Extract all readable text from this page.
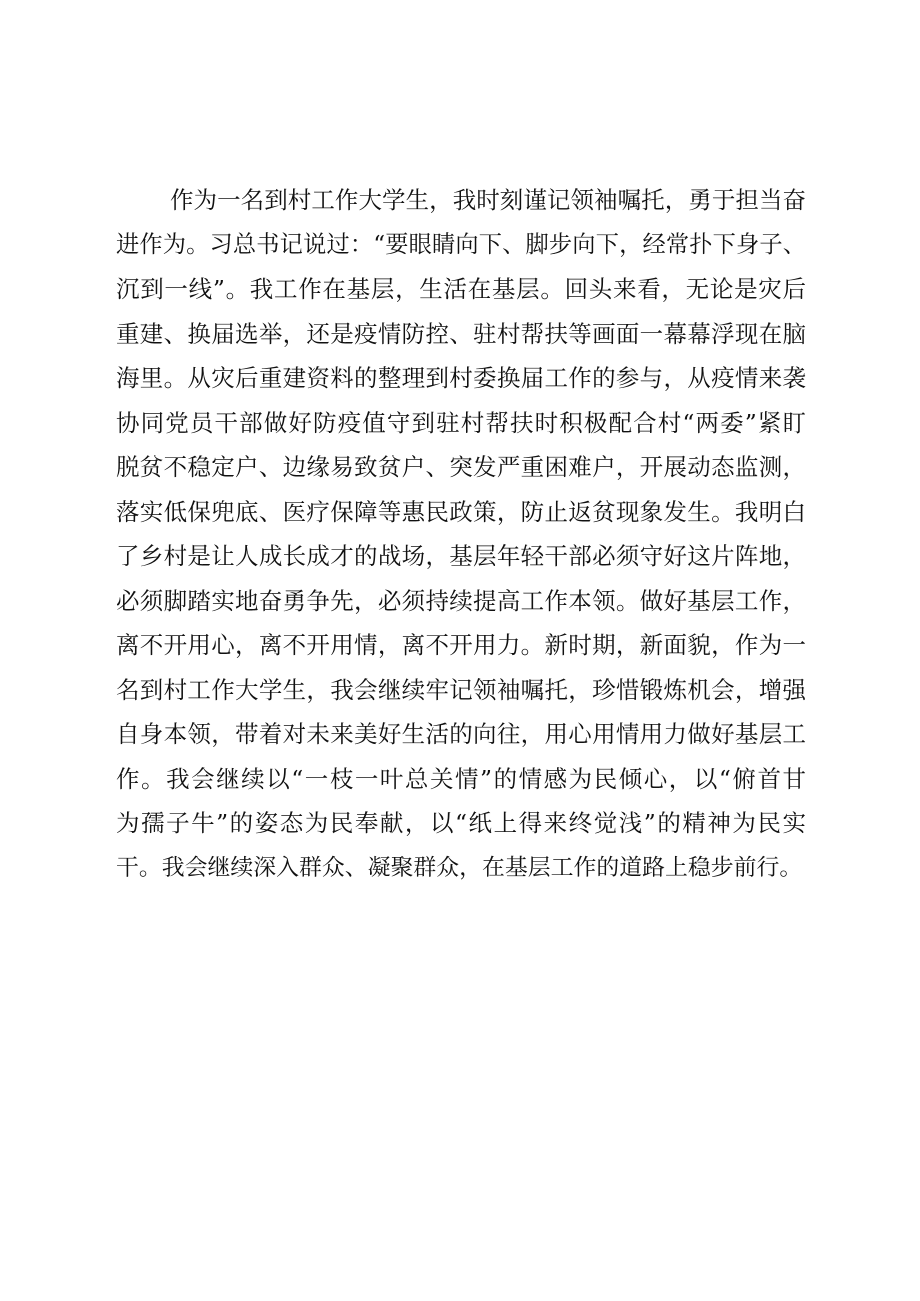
作为一名到村工作大学生，我时刻谨记领袖嘱托，勇于担当奋
进作为。习总书记说过：“要眼睛向下、脚步向下，经常扑下身子、
沉到一线”。我工作在基层，生活在基层。回头来看，无论是灾后
重建、换届选举，还是疫情防控、驻村帮扶等画面一幕幕浮现在脑
海里。从灾后重建资料的整理到村委换届工作的参与，从疫情来袭
协同党员干部做好防疫值守到驻村帮扶时积极配合村“两委”紧盯
脱贫不稳定户、边缘易致贫户、突发严重困难户，开展动态监测，
落实低保兜底、医疗保障等惠民政策，防止返贫现象发生。我明白
了乡村是让人成长成才的战场，基层年轻干部必须守好这片阵地，
必须脚踏实地奋勇争先，必须持续提高工作本领。做好基层工作，
离不开用心，离不开用情，离不开用力。新时期，新面貌，作为一
名到村工作大学生，我会继续牢记领袖嘱托，珍惜锻炼机会，增强
自身本领，带着对未来美好生活的向往，用心用情用力做好基层工
作。我会继续以“一枝一叶总关情”的情感为民倾心，以“俯首甘
为孺子牛”的姿态为民奉献，以“纸上得来终觉浅”的精神为民实
干。我会继续深入群众、凝聚群众，在基层工作的道路上稳步前行。
